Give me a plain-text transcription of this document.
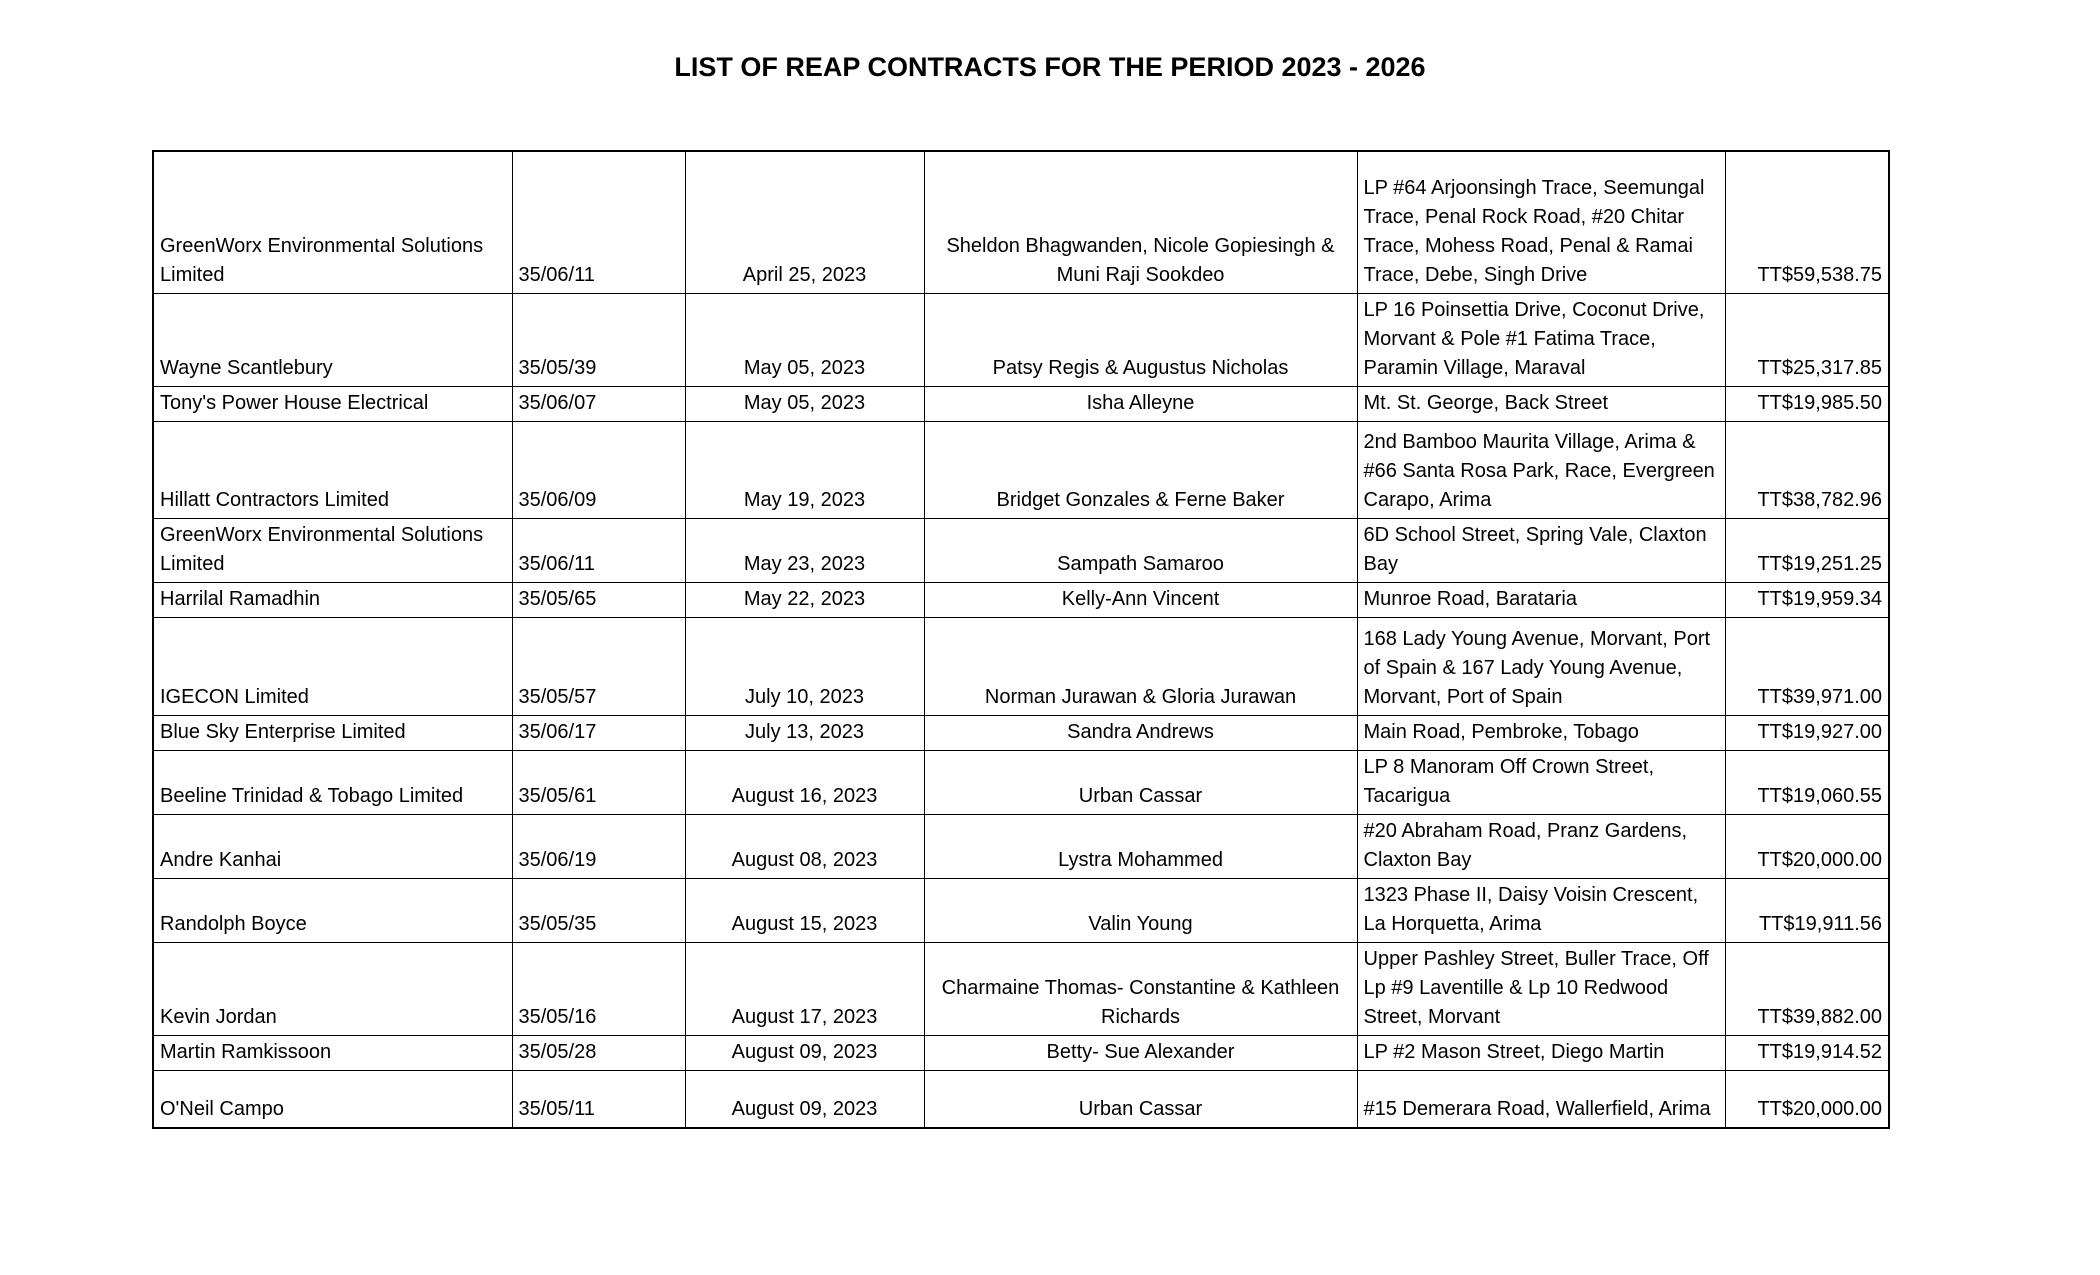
LIST OF REAP CONTRACTS FOR THE PERIOD 2023 - 2026
GreenWorx Environmental Solutions Limited	35/06/11	April 25, 2023	Sheldon Bhagwanden, Nicole Gopiesingh & Muni Raji Sookdeo	LP #64 Arjoonsingh Trace, Seemungal Trace, Penal Rock Road, #20 Chitar Trace, Mohess Road, Penal & Ramai Trace, Debe, Singh Drive	TT$59,538.75
Wayne Scantlebury	35/05/39	May 05, 2023	Patsy Regis & Augustus Nicholas	LP 16 Poinsettia Drive, Coconut Drive, Morvant & Pole #1 Fatima Trace, Paramin Village, Maraval	TT$25,317.85
Tony's Power House Electrical	35/06/07	May 05, 2023	Isha Alleyne	Mt. St. George, Back Street	TT$19,985.50
Hillatt Contractors Limited	35/06/09	May 19, 2023	Bridget Gonzales & Ferne Baker	2nd Bamboo Maurita Village, Arima & #66 Santa Rosa Park, Race, Evergreen Carapo, Arima	TT$38,782.96
GreenWorx Environmental Solutions Limited	35/06/11	May 23, 2023	Sampath Samaroo	6D School Street, Spring Vale, Claxton Bay	TT$19,251.25
Harrilal Ramadhin	35/05/65	May 22, 2023	Kelly-Ann Vincent	Munroe Road, Barataria	TT$19,959.34
IGECON Limited	35/05/57	July 10, 2023	Norman Jurawan & Gloria Jurawan	168 Lady Young Avenue, Morvant, Port of Spain & 167 Lady Young Avenue, Morvant, Port of Spain	TT$39,971.00
Blue Sky Enterprise Limited	35/06/17	July 13, 2023	Sandra Andrews	Main Road, Pembroke, Tobago	TT$19,927.00
Beeline Trinidad & Tobago Limited	35/05/61	August 16, 2023	Urban Cassar	LP 8 Manoram Off Crown Street, Tacarigua	TT$19,060.55
Andre Kanhai	35/06/19	August 08, 2023	Lystra Mohammed	#20 Abraham Road, Pranz Gardens, Claxton Bay	TT$20,000.00
Randolph Boyce	35/05/35	August 15, 2023	Valin Young	1323 Phase II, Daisy Voisin Crescent, La Horquetta, Arima	TT$19,911.56
Kevin Jordan	35/05/16	August 17, 2023	Charmaine Thomas- Constantine & Kathleen Richards	Upper Pashley Street, Buller Trace, Off Lp #9 Laventille & Lp 10 Redwood Street, Morvant	TT$39,882.00
Martin Ramkissoon	35/05/28	August 09, 2023	Betty- Sue Alexander	LP #2 Mason Street, Diego Martin	TT$19,914.52
O'Neil Campo	35/05/11	August 09, 2023	Urban Cassar	#15 Demerara Road, Wallerfield, Arima	TT$20,000.00
